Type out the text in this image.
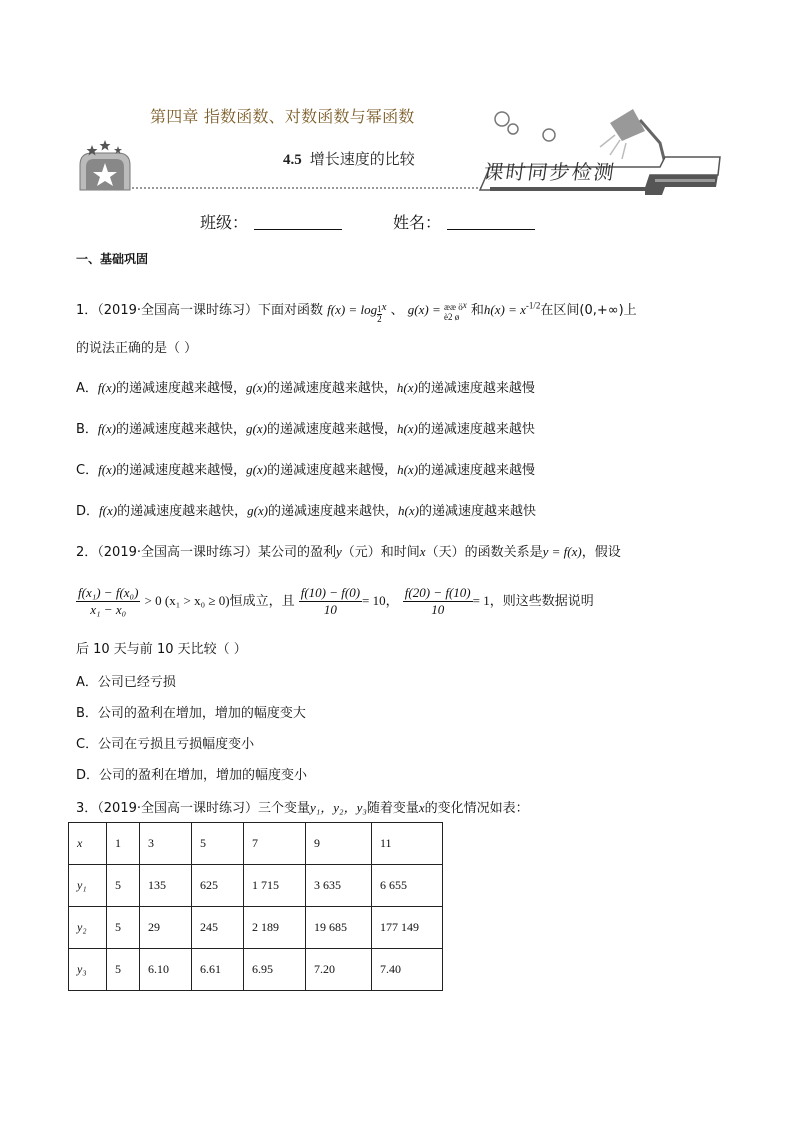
第四章 指数函数、对数函数与幂函数
4.5 增长速度的比较
课时同步检测
班级：	姓名：
一、基础巩固
1．（2019·全国高一课时练习）下面对函数 $f(x) = \log \frac{1}{2} ^x$ 、 g(x) = ææ ö
è2 ø
$^x$ 和$h(x) = x^{-1/2}$在区间(0,+∞)上
的说法正确的是（ ）
A．f(x)的递减速度越来越慢，g(x)的递减速度越来越快，h(x)的递减速度越来越慢
B．f(x)的递减速度越来越快，g(x)的递减速度越来越慢，h(x)的递减速度越来越快
C．f(x)的递减速度越来越慢，g(x)的递减速度越来越慢，h(x)的递减速度越来越慢
D．f(x)的递减速度越来越快，g(x)的递减速度越来越快，h(x)的递减速度越来越快
2．（2019·全国高一课时练习）某公司的盈利y（元）和时间x（天）的函数关系是y = f(x)，假设
$\frac{\text{f(x₁) − f(x₀)}}{\text{x₁ − x₀}} > 0$ (x₁ > x₀ ≥ 0)恒成立，且 $\frac{f(10) - f(0)}{10} = 10$， $\frac{f(20) - f(10)}{10} = 1$，则这些数据说明
后 10 天与前 10 天比较（ ）
A．公司已经亏损
B．公司的盈利在增加，增加的幅度变大
C．公司在亏损且亏损幅度变小
D．公司的盈利在增加，增加的幅度变小
3．（2019·全国高一课时练习）三个变量y₁，y₂，y₃随着变量x的变化情况如表：
x	1	3	5	7	9	11
y₁	5	135	625	1 715	3 635	6 655
y₂	5	29	245	2 189	19 685	177 149
y₃	5	6.10	6.61	6.95	7.20	7.40
